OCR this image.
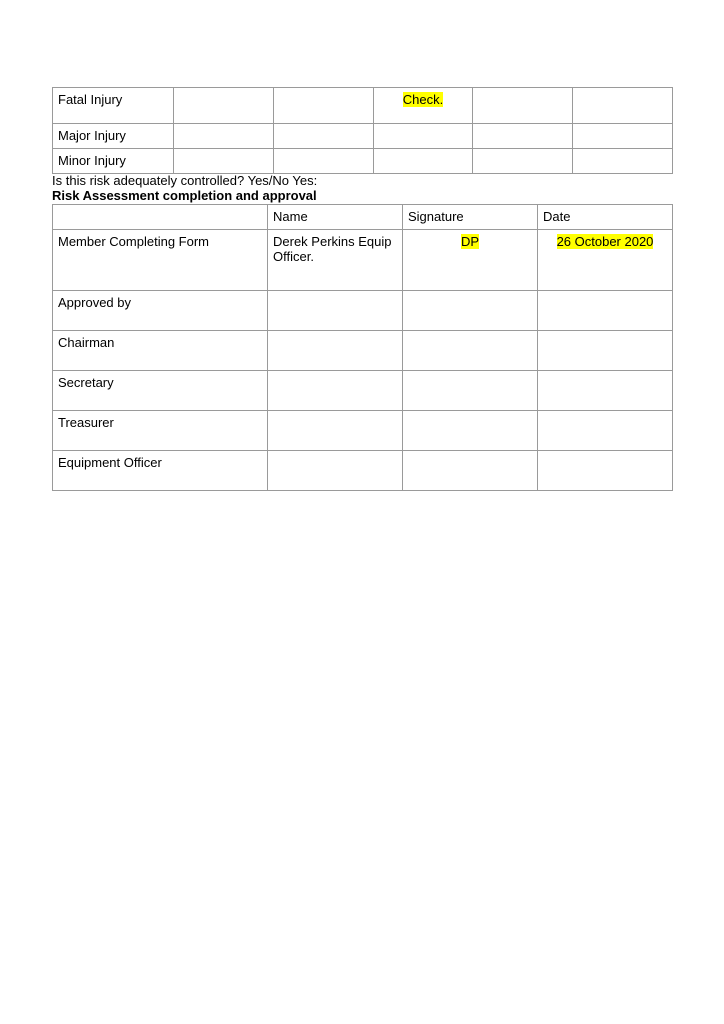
Fatal Injury			Check.		
Major Injury					
Minor Injury					
Is this risk adequately controlled? Yes/No Yes:
Risk Assessment completion and approval
	Name	Signature	Date
Member Completing Form	Derek Perkins Equip Officer.	DP	26 October 2020
Approved by			
Chairman			
Secretary			
Treasurer			
Equipment Officer			
